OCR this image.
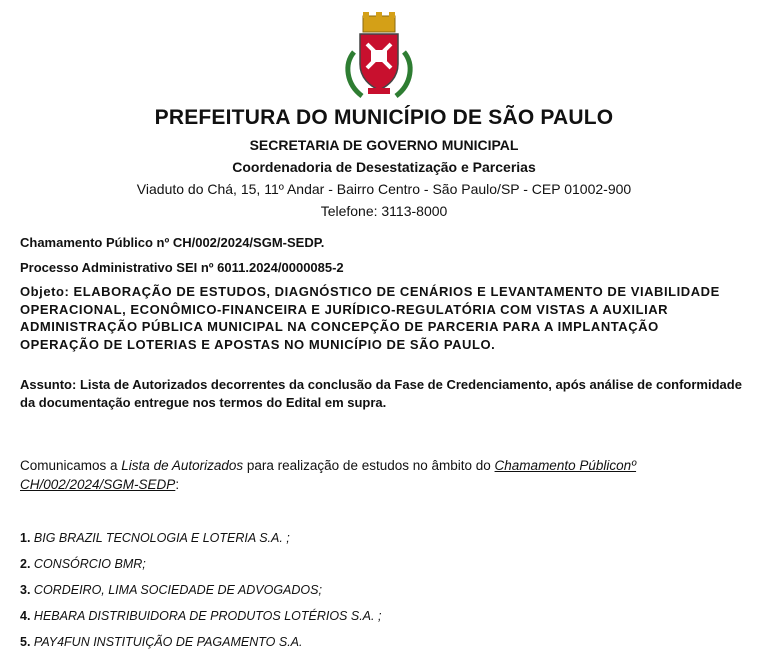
PREFEITURA DO MUNICÍPIO DE SÃO PAULO
SECRETARIA DE GOVERNO MUNICIPAL
Coordenadoria de Desestatização e Parcerias
Viaduto do Chá, 15, 11º Andar - Bairro Centro - São Paulo/SP - CEP 01002-900
Telefone: 3113-8000
Chamamento Público nº CH/002/2024/SGM-SEDP.
Processo Administrativo SEI nº 6011.2024/0000085-2
Objeto: ELABORAÇÃO DE ESTUDOS, DIAGNÓSTICO DE CENÁRIOS E LEVANTAMENTO DE VIABILIDADE
OPERACIONAL, ECONÔMICO-FINANCEIRA E JURÍDICO-REGULATÓRIA COM VISTAS A AUXILIAR
ADMINISTRAÇÃO PÚBLICA MUNICIPAL NA CONCEPÇÃO DE PARCERIA PARA A IMPLANTAÇÃO
OPERAÇÃO DE LOTERIAS E APOSTAS NO MUNICÍPIO DE SÃO PAULO.
Assunto: Lista de Autorizados decorrentes da conclusão da Fase de Credenciamento, após análise de conformidade da documentação entregue nos termos do Edital em supra.
Comunicamos a Lista de Autorizados para realização de estudos no âmbito do Chamamento Públiconº CH/002/2024/SGM-SEDP:
1. BIG BRAZIL TECNOLOGIA E LOTERIA S.A. ;
2. CONSÓRCIO BMR;
3. CORDEIRO, LIMA SOCIEDADE DE ADVOGADOS;
4. HEBARA DISTRIBUIDORA DE PRODUTOS LOTÉRIOS S.A. ;
5. PAY4FUN INSTITUIÇÃO DE PAGAMENTO S.A.
